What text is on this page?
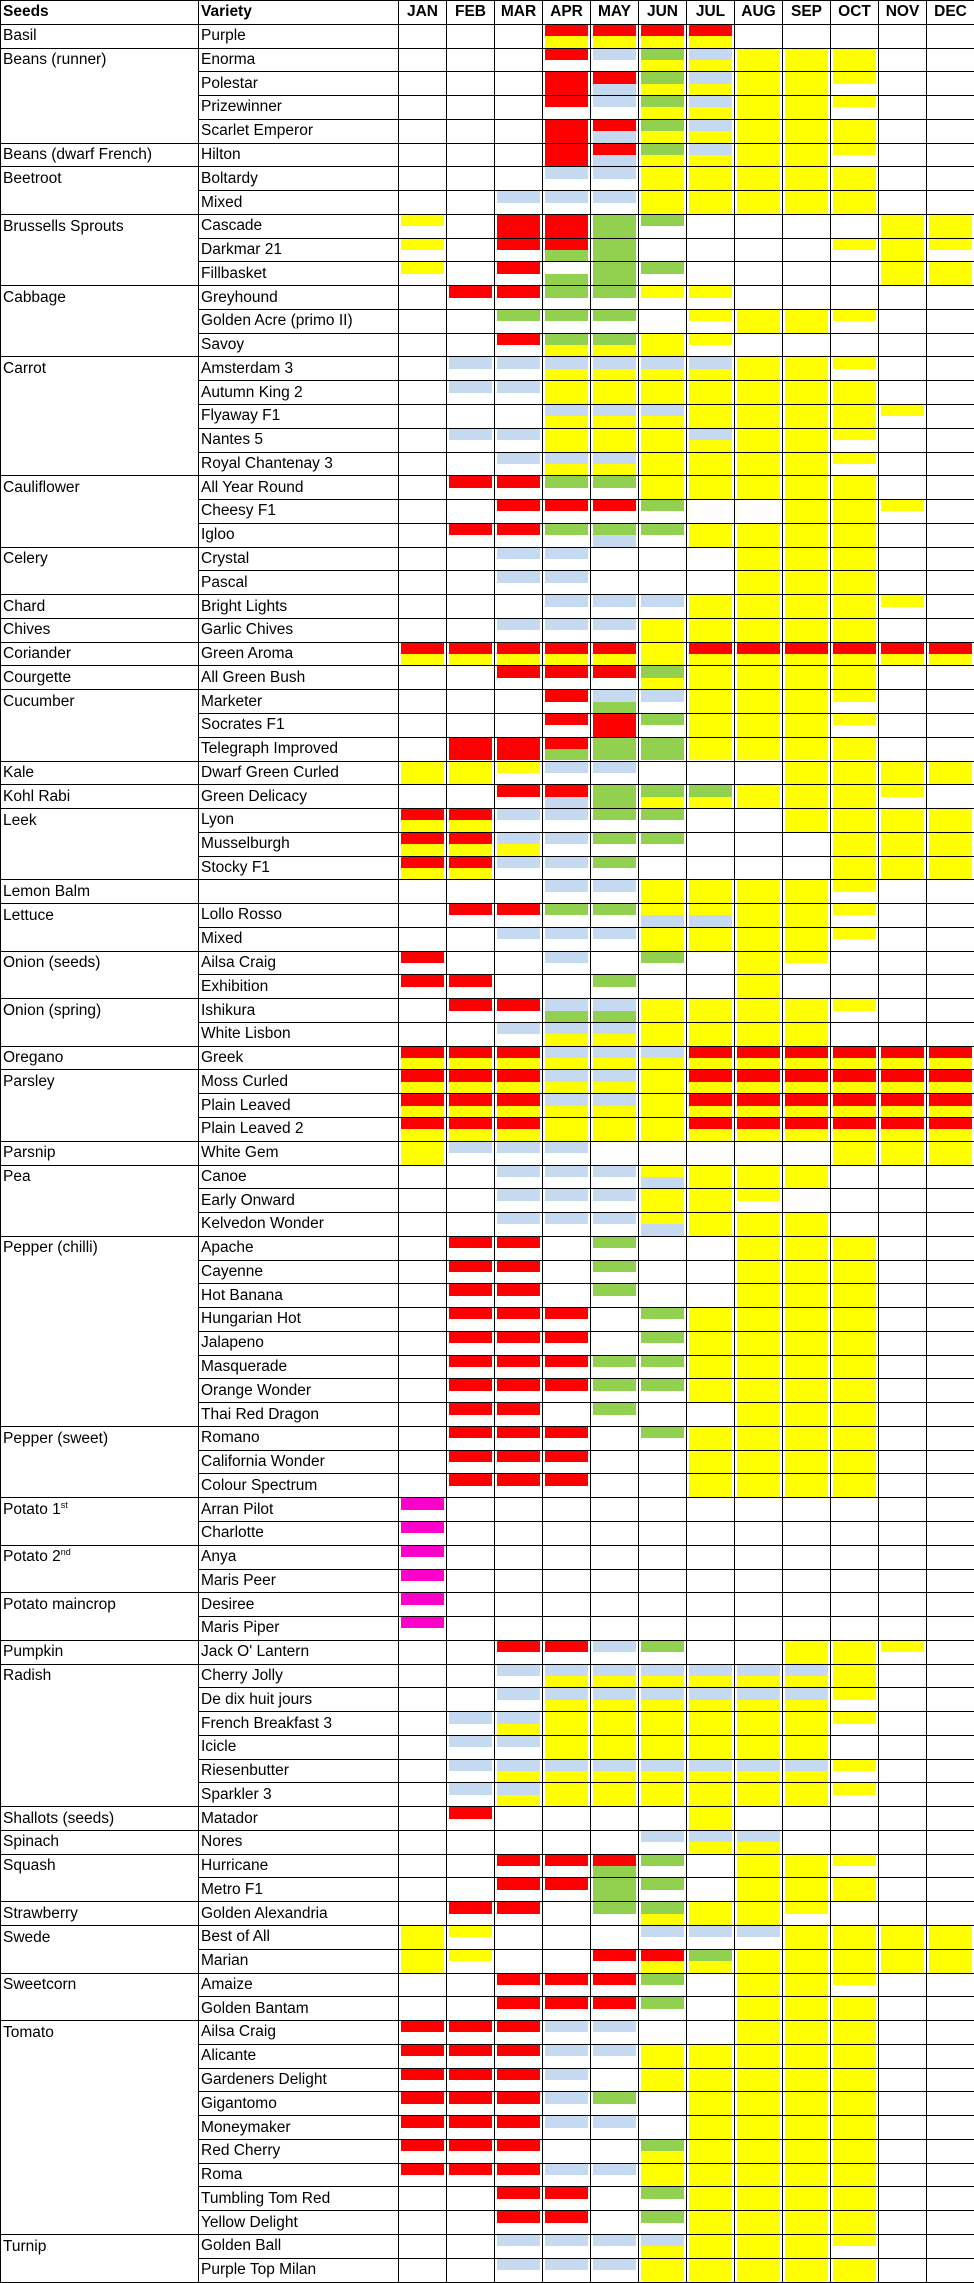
Seeds	Variety	JAN	FEB	MAR	APR	MAY	JUN	JUL	AUG	SEP	OCT	NOV	DEC
Basil	Purple	

Beans (runner)	Enorma	

	Polestar	

	Prizewinner	

	Scarlet Emperor	

Beans (dwarf French)	Hilton	

Beetroot	Boltardy	

	Mixed	

Brussells Sprouts	Cascade	

	Darkmar 21	

	Fillbasket	

Cabbage	Greyhound	

	Golden Acre (primo II)	

	Savoy	

Carrot	Amsterdam 3	

	Autumn King 2	

	Flyaway F1	

	Nantes 5	

	Royal Chantenay 3	

Cauliflower	All Year Round	

	Cheesy F1	

	Igloo	

Celery	Crystal	

	Pascal	

Chard	Bright Lights	

Chives	Garlic Chives	

Coriander	Green Aroma	

Courgette	All Green Bush	

Cucumber	Marketer	

	Socrates F1	

	Telegraph Improved	

Kale	Dwarf Green Curled	

Kohl Rabi	Green Delicacy	

Leek	Lyon	

	Musselburgh	

	Stocky F1	

Lemon Balm		

Lettuce	Lollo Rosso	

	Mixed	

Onion (seeds)	Ailsa Craig	

	Exhibition	

Onion (spring)	Ishikura	

	White Lisbon	

Oregano	Greek	

Parsley	Moss Curled	

	Plain Leaved	

	Plain Leaved 2	

Parsnip	White Gem	

Pea	Canoe	

	Early Onward	

	Kelvedon Wonder	

Pepper (chilli)	Apache	

	Cayenne	

	Hot Banana	

	Hungarian Hot	

	Jalapeno	

	Masquerade	

	Orange Wonder	

	Thai Red Dragon	

Pepper (sweet)	Romano	

	California Wonder	

	Colour Spectrum	

Potato 1st	Arran Pilot	

	Charlotte	

Potato 2nd	Anya	

	Maris Peer	

Potato maincrop	Desiree	

	Maris Piper	

Pumpkin	Jack O' Lantern	

Radish	Cherry Jolly	

	De dix huit jours	

	French Breakfast 3	

	Icicle	

	Riesenbutter	

	Sparkler 3	

Shallots (seeds)	Matador	

Spinach	Nores	

Squash	Hurricane	

	Metro F1	

Strawberry	Golden Alexandria	

Swede	Best of All	

	Marian	

Sweetcorn	Amaize	

	Golden Bantam	

Tomato	Ailsa Craig	

	Alicante	

	Gardeners Delight	

	Gigantomo	

	Moneymaker	

	Red Cherry	

	Roma	

	Tumbling Tom Red	

	Yellow Delight	

Turnip	Golden Ball	

	Purple Top Milan	
